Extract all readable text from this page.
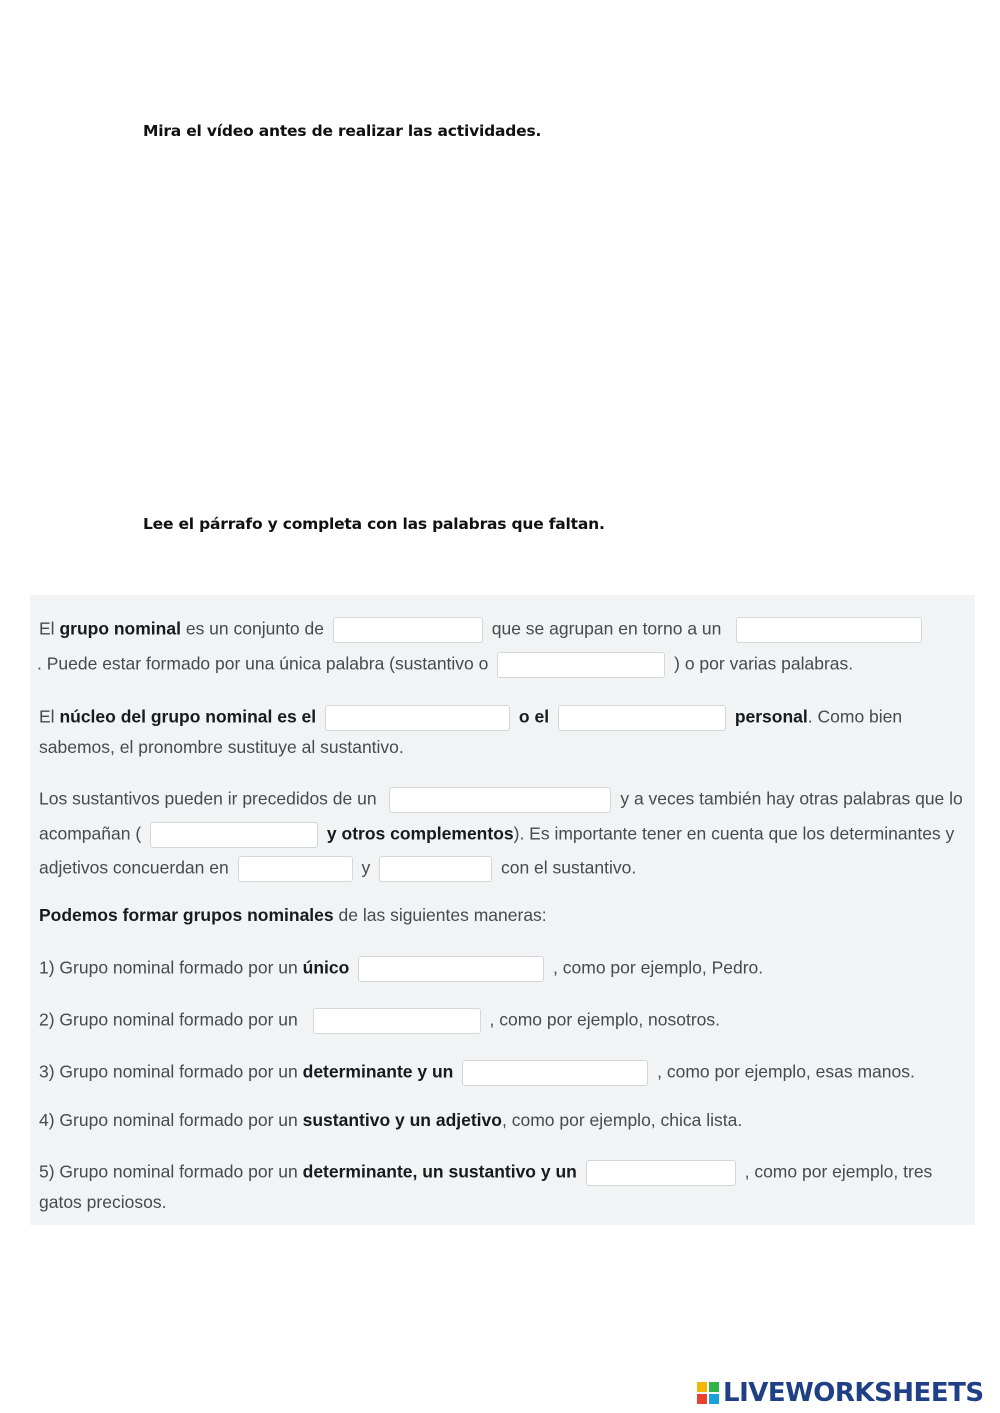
Mira el vídeo antes de realizar las actividades.
Lee el párrafo y completa con las palabras que faltan.
El grupo nominal es un conjunto de	que se agrupan en torno a un
. Puede estar formado por una única palabra (sustantivo o	) o por varias palabras.
El núcleo del grupo nominal es el	o el	personal. Como bien
sabemos, el pronombre sustituye al sustantivo.
Los sustantivos pueden ir precedidos de un	y a veces también hay otras palabras que lo
acompañan (	y otros complementos). Es importante tener en cuenta que los determinantes y
adjetivos concuerdan en	y	con el sustantivo.
Podemos formar grupos nominales de las siguientes maneras:
1) Grupo nominal formado por un único	, como por ejemplo, Pedro.
2) Grupo nominal formado por un	, como por ejemplo, nosotros.
3) Grupo nominal formado por un determinante y un	, como por ejemplo, esas manos.
4) Grupo nominal formado por un sustantivo y un adjetivo, como por ejemplo, chica lista.
5) Grupo nominal formado por un determinante, un sustantivo y un	, como por ejemplo, tres
gatos preciosos.
LIVEWORKSHEETS
